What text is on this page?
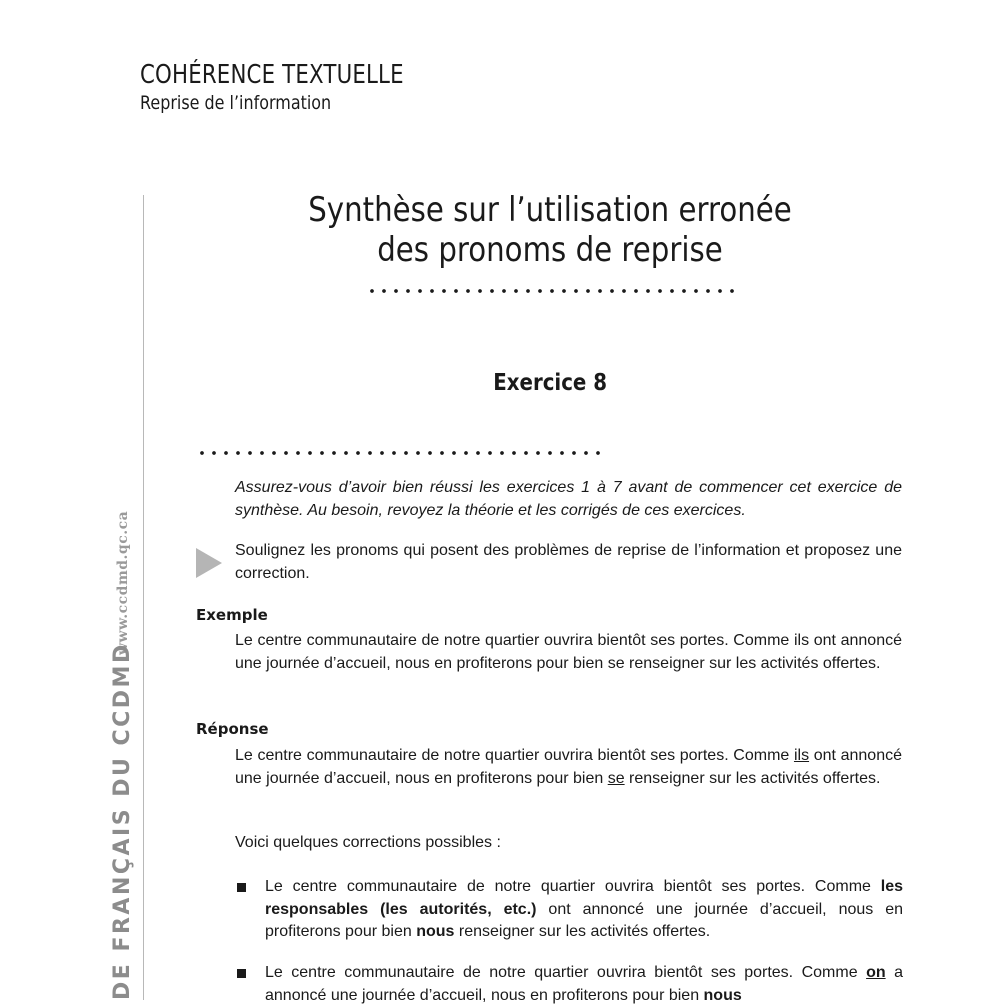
COHÉRENCE TEXTUELLE
Reprise de l’information
www.ccdmd.qc.ca
DE FRANÇAIS DU CCDMD
Synthèse sur l’utilisation erronée
des pronoms de reprise
Exercice 8
Assurez-vous d’avoir bien réussi les exercices 1 à 7 avant de commencer cet exercice de synthèse. Au besoin, revoyez la théorie et les corrigés de ces exercices.
Soulignez les pronoms qui posent des problèmes de reprise de l’information et proposez une correction.
Exemple
Le centre communautaire de notre quartier ouvrira bientôt ses portes. Comme ils ont annoncé une journée d’accueil, nous en profiterons pour bien se renseigner sur les activités offertes.
Réponse
Le centre communautaire de notre quartier ouvrira bientôt ses portes. Comme ils ont annoncé une journée d’accueil, nous en profiterons pour bien se renseigner sur les activités offertes.
Voici quelques corrections possibles :
Le centre communautaire de notre quartier ouvrira bientôt ses portes. Comme les responsables (les autorités, etc.) ont annoncé une journée d’accueil, nous en profiterons pour bien nous renseigner sur les activités offertes.
Le centre communautaire de notre quartier ouvrira bientôt ses portes. Comme on a annoncé une journée d’accueil, nous en profiterons pour bien nous
